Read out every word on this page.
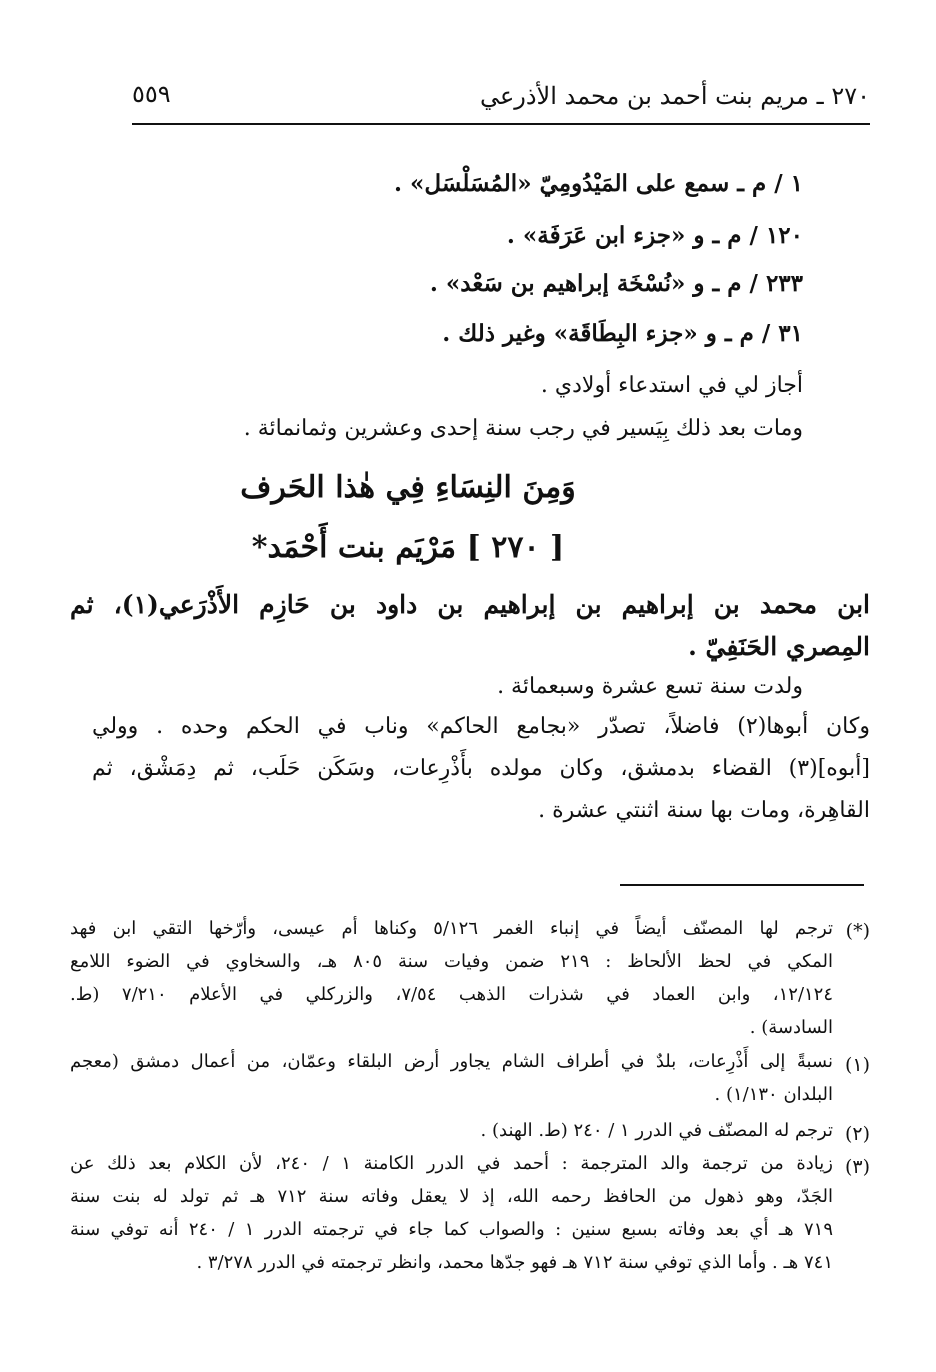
٢٧٠ ـ مريم بنت أحمد بن محمد الأذرعي
٥٥٩
١ / م ـ سمع على المَيْدُومِيّ «المُسَلْسَل» .
١٢٠ / م ـ و «جزء ابن عَرَفَة» .
٢٣٣ / م ـ و «نُسْخَة إبراهيم بن سَعْد» .
٣١ / م ـ و «جزء البِطَاقَة» وغير ذلك .
أجاز لي في استدعاء أولادي .
ومات بعد ذلك بِيَسير في رجب سنة إحدى وعشرين وثمانمائة .
وَمِنَ النِسَاءِ فِي هٰذا الحَرف
[ ٢٧٠ ] مَرْيَم بنت أَحْمَد*
ابن محمد بن إبراهيم بن إبراهيم بن داود بن حَازِم الأَذْرَعي(١)، ثم
المِصري الحَنَفِيّ .
ولدت سنة تسع عشرة وسبعمائة .
وكان أبوها(٢) فاضلاً، تصدّر «بجامع الحاكم» وناب في الحكم وحده . وولي
[أبوه](٣) القضاء بدمشق، وكان مولده بأَذْرِعات، وسَكَن حَلَب، ثم دِمَشْق، ثم
القاهِرة، ومات بها سنة اثنتي عشرة .
(*)
ترجم لها المصنّف أيضاً في إنباء الغمر ٥/١٢٦ وكناها أم عيسى، وأرّخها التقي ابن فهد
المكي في لحظ الألحاظ : ٢١٩ ضمن وفيات سنة ٨٠٥ هـ، والسخاوي في الضوء اللامع
١٢/١٢٤، وابن العماد في شذرات الذهب ٧/٥٤، والزركلي في الأعلام ٧/٢١٠ (ط.
السادسة) .
(١)
نسبةً إلى أَذْرِعات، بلدٌ في أطراف الشام يجاور أرض البلقاء وعمّان، من أعمال دمشق (معجم
البلدان ١/١٣٠) .
(٢)
ترجم له المصنّف في الدرر ١ / ٢٤٠ (ط. الهند) .
(٣)
زيادة من ترجمة والد المترجمة : أحمد في الدرر الكامنة ١ / ٢٤٠، لأن الكلام بعد ذلك عن
الجَدّ، وهو ذهول من الحافظ رحمه الله، إذ لا يعقل وفاته سنة ٧١٢ هـ ثم تولد له بنت سنة
٧١٩ هـ أي بعد وفاته بسبع سنين : والصواب كما جاء في ترجمته الدرر ١ / ٢٤٠ أنه توفي سنة
٧٤١ هـ . وأما الذي توفي سنة ٧١٢ هـ فهو جدّها محمد، وانظر ترجمته في الدرر ٣/٢٧٨ .
